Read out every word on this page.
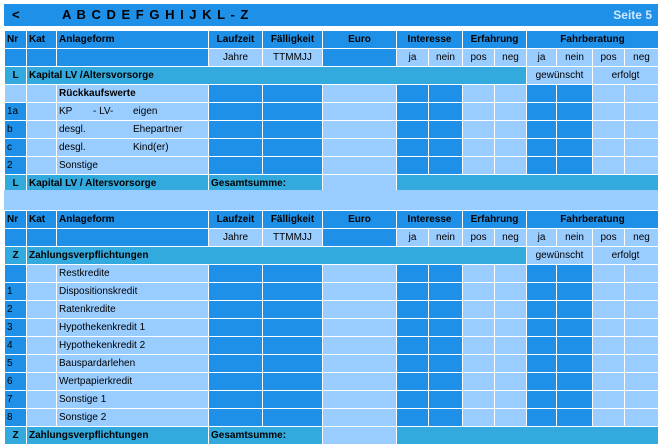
<	A B C D E F G H I J K L - Z	Seite 5
Nr	Kat	Anlageform	Laufzeit	Fälligkeit	Euro	Interesse		Erfahrung		Fahrberatung			
			Jahre	TTMMJJ		ja	nein	pos	neg	ja	nein	pos	neg
L	Kapital LV /Altersvorsorge									gewünscht		erfolgt	
		Rückkaufswerte											
1a		KP - LV- eigen											
b		desgl. Ehepartner											
c		desgl. Kind(er)											
2		Sonstige											
L	Kapital LV / Altersvorsorge		Gesamtsumme:										
Nr	Kat	Anlageform	Laufzeit	Fälligkeit	Euro	Interesse		Erfahrung		Fahrberatung			
			Jahre	TTMMJJ		ja	nein	pos	neg	ja	nein	pos	neg
Z	Zahlungsverpflichtungen									gewünscht		erfolgt	
		Restkredite											
1		Dispositionskredit											
2		Ratenkredite											
3		Hypothekenkredit 1											
4		Hypothekenkredit 2											
5		Bauspardarlehen											
6		Wertpapierkredit											
7		Sonstige 1											
8		Sonstige 2											
Z	Zahlungsverpflichtungen		Gesamtsumme:										
